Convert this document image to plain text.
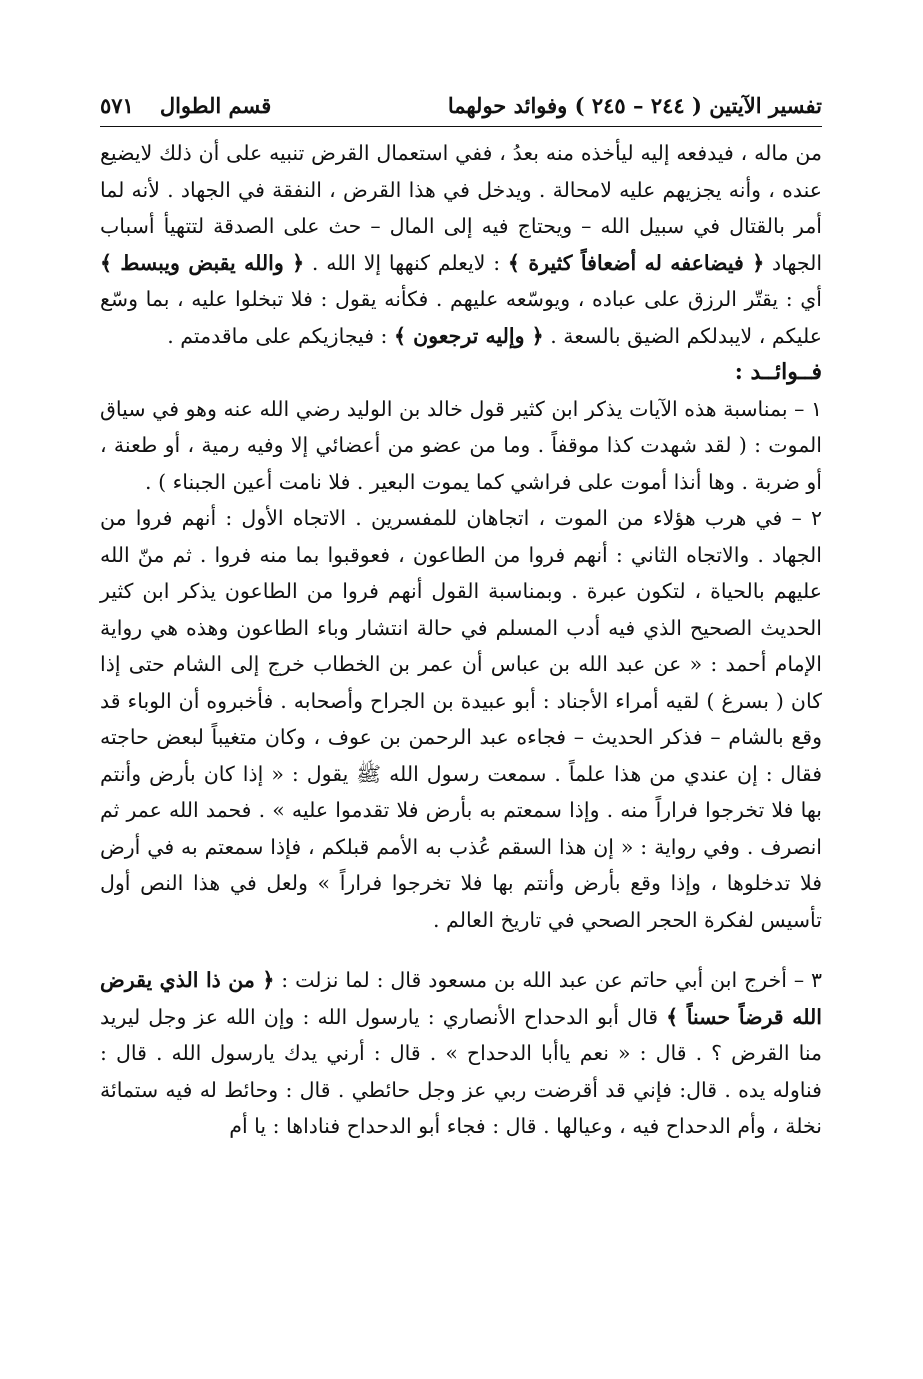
تفسير الآيتين ( ٢٤٤ – ٢٤٥ ) وفوائد حولهما
قسم الطوال
٥٧١

من ماله ، فيدفعه إليه ليأخذه منه بعدُ ، ففي استعمال القرض تنبيه على أن ذلك لايضيع عنده ، وأنه يجزيهم عليه لامحالة . ويدخل في هذا القرض ، النفقة في الجهاد . لأنه لما أمر بالقتال في سبيل الله – ويحتاج فيه إلى المال – حث على الصدقة لتتهيأ أسباب الجهاد ﴿ فيضاعفه له أضعافاً كثيرة ﴾ : لايعلم كنهها إلا الله . ﴿ والله يقبض ويبسط ﴾ أي : يقتّر الرزق على عباده ، ويوسّعه عليهم . فكأنه يقول : فلا تبخلوا عليه ، بما وسّع عليكم ، لايبدلكم الضيق بالسعة . ﴿ وإليه ترجعون ﴾ : فيجازيكم على ماقدمتم .

فــوائــد :

١ – بمناسبة هذه الآيات يذكر ابن كثير قول خالد بن الوليد رضي الله عنه وهو في سياق الموت : ( لقد شهدت كذا موقفاً . وما من عضو من أعضائي إلا وفيه رمية ، أو طعنة ، أو ضربة . وها أنذا أموت على فراشي كما يموت البعير . فلا نامت أعين الجبناء ) .

٢ – في هرب هؤلاء من الموت ، اتجاهان للمفسرين . الاتجاه الأول : أنهم فروا من الجهاد . والاتجاه الثاني : أنهم فروا من الطاعون ، فعوقبوا بما منه فروا . ثم منّ الله عليهم بالحياة ، لتكون عبرة . وبمناسبة القول أنهم فروا من الطاعون يذكر ابن كثير الحديث الصحيح الذي فيه أدب المسلم في حالة انتشار وباء الطاعون وهذه هي رواية الإمام أحمد : « عن عبد الله بن عباس أن عمر بن الخطاب خرج إلى الشام حتى إذا كان ( بسرغ ) لقيه أمراء الأجناد : أبو عبيدة بن الجراح وأصحابه . فأخبروه أن الوباء قد وقع بالشام – فذكر الحديث – فجاءه عبد الرحمن بن عوف ، وكان متغيباً لبعض حاجته فقال : إن عندي من هذا علماً . سمعت رسول الله ﷺ يقول : « إذا كان بأرض وأنتم بها فلا تخرجوا فراراً منه . وإذا سمعتم به بأرض فلا تقدموا عليه » . فحمد الله عمر ثم انصرف . وفي رواية : « إن هذا السقم عُذب به الأمم قبلكم ، فإذا سمعتم به في أرض فلا تدخلوها ، وإذا وقع بأرض وأنتم بها فلا تخرجوا فراراً » ولعل في هذا النص أول تأسيس لفكرة الحجر الصحي في تاريخ العالم .

٣ – أخرج ابن أبي حاتم عن عبد الله بن مسعود قال : لما نزلت : ﴿ من ذا الذي يقرض الله قرضاً حسناً ﴾ قال أبو الدحداح الأنصاري : يارسول الله : وإن الله عز وجل ليريد منا القرض ؟ . قال : « نعم ياأبا الدحداح » . قال : أرني يدك يارسول الله . قال : فناوله يده . قال: فإني قد أقرضت ربي عز وجل حائطي . قال : وحائط له فيه ستمائة نخلة ، وأم الدحداح فيه ، وعيالها . قال : فجاء أبو الدحداح فناداها : يا أم
